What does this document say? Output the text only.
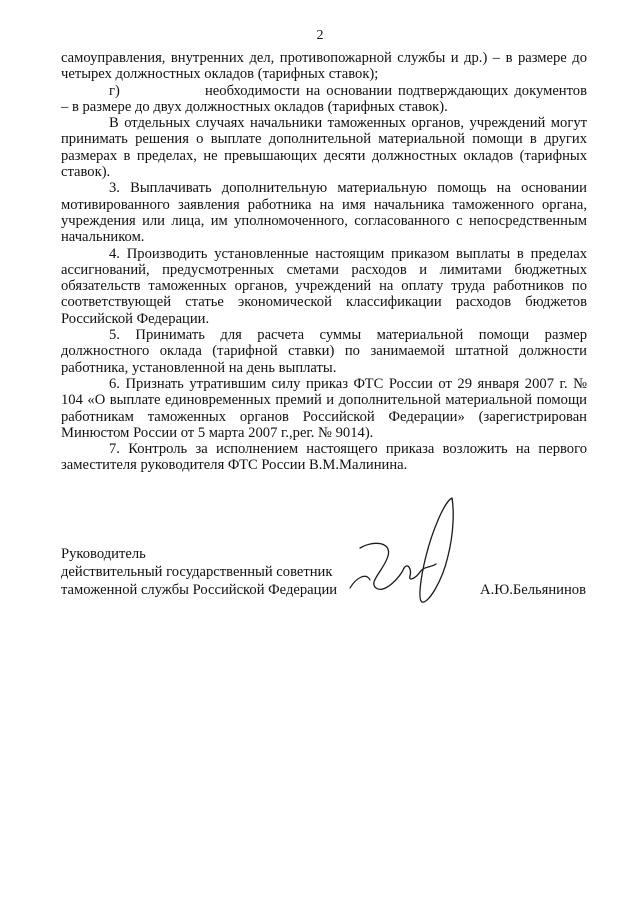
2

самоуправления, внутренних дел, противопожарной службы и др.) – в размере до четырех должностных окладов (тарифных ставок);

г)	необходимости на основании подтверждающих документов – в размере до двух должностных окладов (тарифных ставок).

В отдельных случаях начальники таможенных органов, учреждений могут принимать решения о выплате дополнительной материальной помощи в других размерах в пределах, не превышающих десяти должностных окладов (тарифных ставок).

3. Выплачивать дополнительную материальную помощь на основании мотивированного заявления работника на имя начальника таможенного органа, учреждения или лица, им уполномоченного, согласованного с непосредственным начальником.

4. Производить установленные настоящим приказом выплаты в пределах ассигнований, предусмотренных сметами расходов и лимитами бюджетных обязательств таможенных органов, учреждений на оплату труда работников по соответствующей статье экономической классификации расходов бюджетов Российской Федерации.

5. Принимать для расчета суммы материальной помощи размер должностного оклада (тарифной ставки) по занимаемой штатной должности работника, установленной на день выплаты.

6. Признать утратившим силу приказ ФТС России от 29 января 2007 г. № 104 «О выплате единовременных премий и дополнительной материальной помощи работникам таможенных органов Российской Федерации» (зарегистрирован Минюстом России от 5 марта 2007 г.,рег. № 9014).

7. Контроль за исполнением настоящего приказа возложить на первого заместителя руководителя ФТС России В.М.Малинина.

Руководитель
действительный государственный советник
таможенной службы Российской Федерации	А.Ю.Бельянинов
